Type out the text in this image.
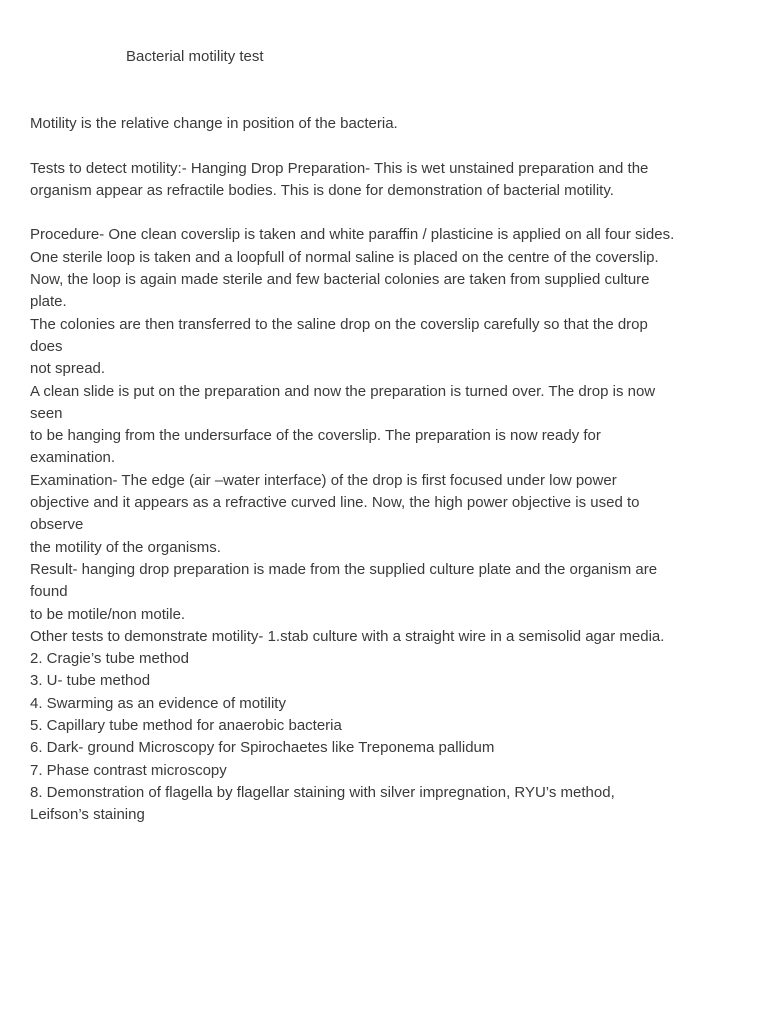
Bacterial motility test
Motility is the relative change in position of the bacteria.
Tests to detect motility:- Hanging Drop Preparation- This is wet unstained preparation and the
organism appear as refractile bodies. This is done for demonstration of bacterial motility.
Procedure- One clean coverslip is taken and white paraffin / plasticine is applied on all four sides.
One sterile loop is taken and a loopfull of normal saline is placed on the centre of the coverslip.
Now, the loop is again made sterile and few bacterial colonies are taken from supplied culture
plate.
The colonies are then transferred to the saline drop on the coverslip carefully so that the drop
does
not spread.
A clean slide is put on the preparation and now the preparation is turned over. The drop is now
seen
to be hanging from the undersurface of the coverslip. The preparation is now ready for
examination.
Examination- The edge (air –water interface) of the drop is first focused under low power
objective and it appears as a refractive curved line. Now, the high power objective is used to
observe
the motility of the organisms.
Result- hanging drop preparation is made from the supplied culture plate and the organism are
found
to be motile/non motile.
Other tests to demonstrate motility- 1.stab culture with a straight wire in a semisolid agar media.
2. Cragie’s tube method
3. U- tube method
4. Swarming as an evidence of motility
5. Capillary tube method for anaerobic bacteria
6. Dark- ground Microscopy for Spirochaetes like Treponema pallidum
7. Phase contrast microscopy
8. Demonstration of flagella by flagellar staining with silver impregnation, RYU’s method,
Leifson’s staining
